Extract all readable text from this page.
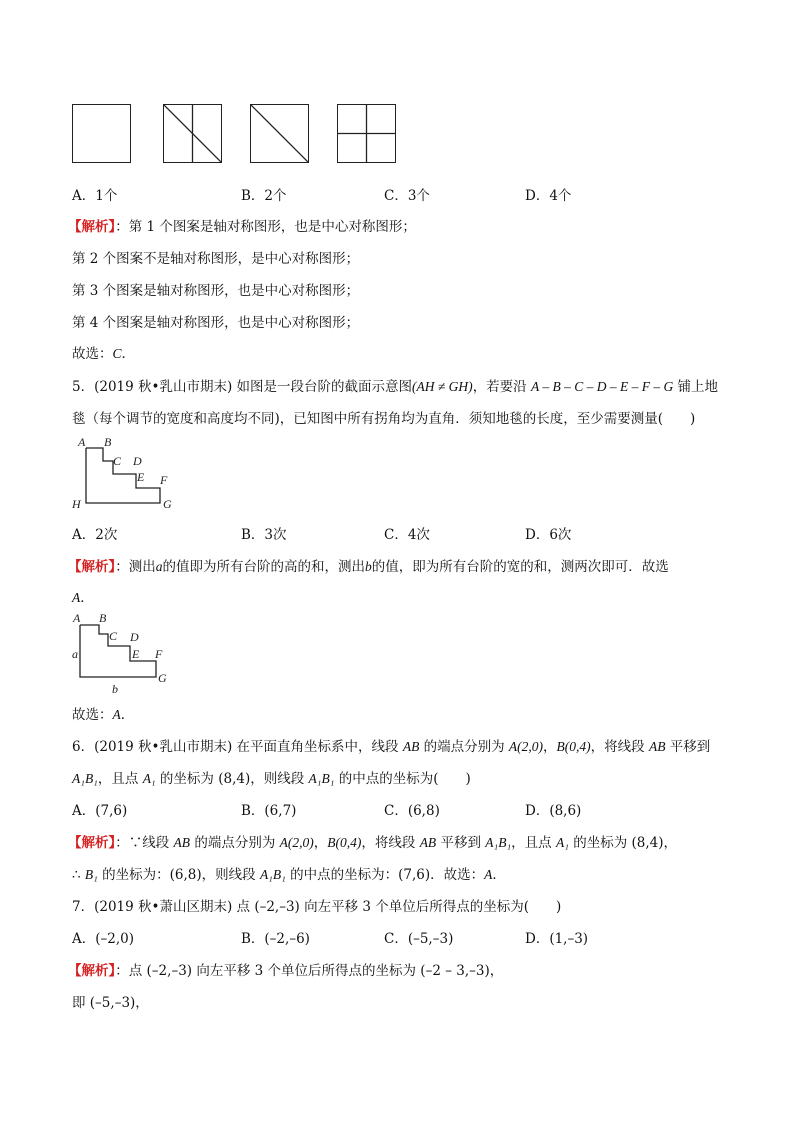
A．1个	B．2个	C．3个	D．4个
【解析】：第 1 个图案是轴对称图形，也是中心对称图形；
第 2 个图案不是轴对称图形，是中心对称图形；
第 3 个图案是轴对称图形，也是中心对称图形；
第 4 个图案是轴对称图形，也是中心对称图形；
故选：C．
5．(2019 秋•乳山市期末) 如图是一段台阶的截面示意图(AH ≠ GH)，若要沿 A – B – C – D – E – F – G 铺上地
毯（每个调节的宽度和高度均不同)，已知图中所有拐角均为直角．须知地毯的长度，至少需要测量(　　)
A B
C D
E F
G
H
A．2次	B．3次	C．4次	D．6次
【解析】：测出a的值即为所有台阶的高的和，测出b的值，即为所有台阶的宽的和，测两次即可．故选
A．
A B
C D
E F
G
a
b
故选：A．
6．(2019 秋•乳山市期末) 在平面直角坐标系中，线段 AB 的端点分别为 A(2,0)，B(0,4)，将线段 AB 平移到
A₁B₁，且点 A₁ 的坐标为 (8,4)，则线段 A₁B₁ 的中点的坐标为(　　)
A．(7,6)	B．(6,7)	C．(6,8)	D．(8,6)
【解析】：∵线段 AB 的端点分别为 A(2,0)，B(0,4)，将线段 AB 平移到 A₁B₁，且点 A₁ 的坐标为 (8,4)，
∴ B₁ 的坐标为：(6,8)，则线段 A₁B₁ 的中点的坐标为：(7,6)．故选：A．
7．(2019 秋•萧山区期末) 点 (–2,–3) 向左平移 3 个单位后所得点的坐标为(　　)
A．(–2,0)	B．(–2,–6)	C．(–5,–3)	D．(1,–3)
【解析】：点 (–2,–3) 向左平移 3 个单位后所得点的坐标为 (–2 – 3,–3)，
即 (–5,–3)，
